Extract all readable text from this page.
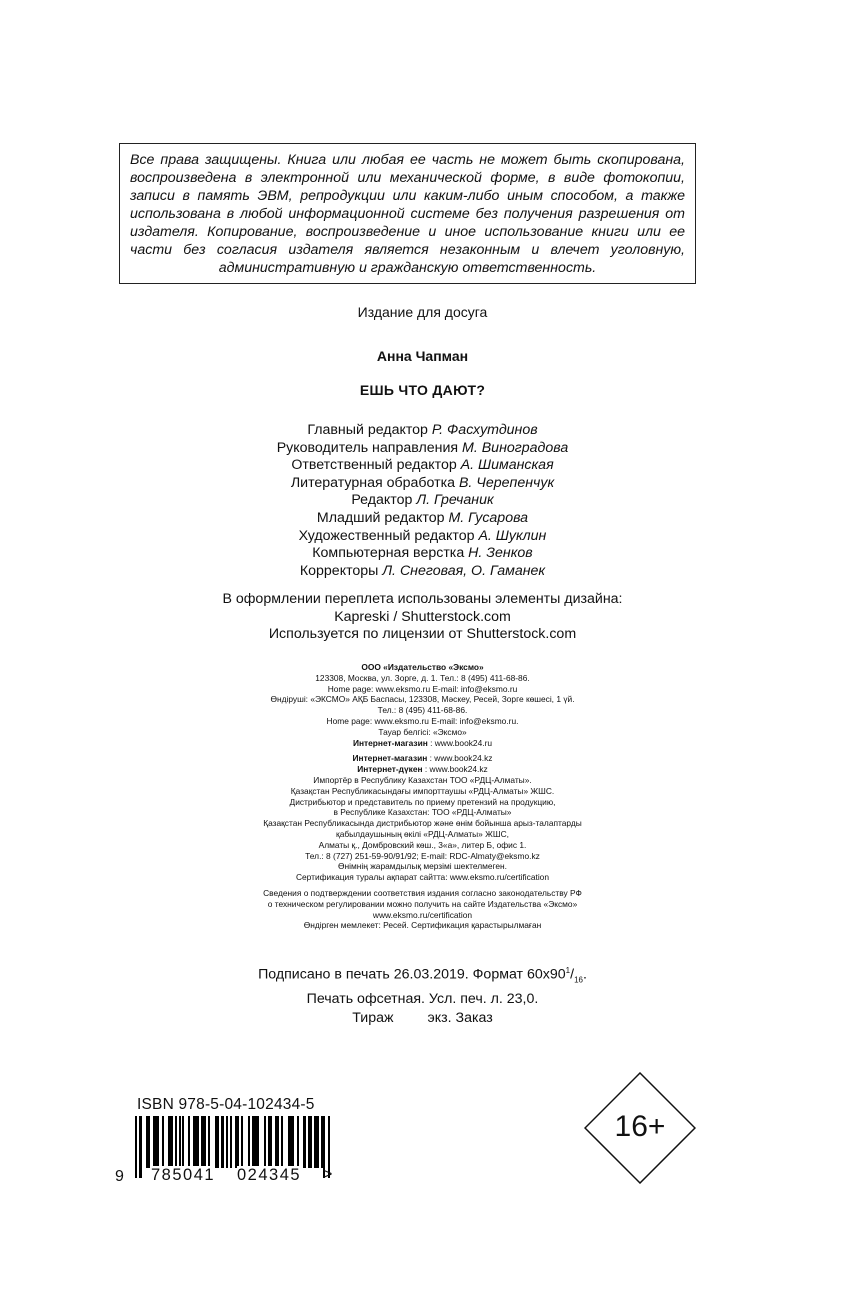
Все права защищены. Книга или любая ее часть не может быть скопирована, воспроизведена в электронной или механической форме, в виде фотокопии, записи в память ЭВМ, репродукции или каким-либо иным способом, а также использована в любой информационной системе без получения разрешения от издателя. Копирование, воспроизведение и иное использование книги или ее части без согласия издателя является незаконным и влечет уголовную, административную и гражданскую ответственность.
Издание для досуга
Анна Чапман
ЕШЬ ЧТО ДАЮТ?
Главный редактор Р. Фасхутдинов
Руководитель направления М. Виноградова
Ответственный редактор А. Шиманская
Литературная обработка В. Черепенчук
Редактор Л. Гречаник
Младший редактор М. Гусарова
Художественный редактор А. Шуклин
Компьютерная верстка Н. Зенков
Корректоры Л. Снеговая, О. Гаманек
В оформлении переплета использованы элементы дизайна:
Kapreski / Shutterstock.com
Используется по лицензии от Shutterstock.com
ООО «Издательство «Эксмо»
123308, Москва, ул. Зорге, д. 1. Тел.: 8 (495) 411-68-86.
Home page: www.eksmo.ru E-mail: info@eksmo.ru
Өндіруші: «ЭКСМО» АҚБ Баспасы, 123308, Мәскеу, Ресей, Зорге көшесі, 1 үй.
Тел.: 8 (495) 411-68-86.
Home page: www.eksmo.ru E-mail: info@eksmo.ru.
Тауар белгісі: «Эксмо»
Интернет-магазин : www.book24.ru
Интернет-магазин : www.book24.kz
Интернет-дүкен : www.book24.kz
Импортёр в Республику Казахстан ТОО «РДЦ-Алматы».
Қазақстан Республикасындағы импорттаушы «РДЦ-Алматы» ЖШС.
Дистрибьютор и представитель по приему претензий на продукцию,
в Республике Казахстан: ТОО «РДЦ-Алматы»
Қазақстан Республикасында дистрибьютор және өнім бойынша арыз-талаптарды
қабылдаушының өкілі «РДЦ-Алматы» ЖШС,
Алматы қ., Домбровский көш., 3«а», литер Б, офис 1.
Тел.: 8 (727) 251-59-90/91/92; E-mail: RDC-Almaty@eksmo.kz
Өнімнің жарамдылық мерзімі шектелмеген.
Сертификация туралы ақпарат сайтта: www.eksmo.ru/certification
Сведения о подтверждении соответствия издания согласно законодательству РФ
о техническом регулировании можно получить на сайте Издательства «Эксмо»
www.eksmo.ru/certification
Өндірген мемлекет: Ресей. Сертификация қарастырылмаған
Подписано в печать 26.03.2019. Формат $60x90^1/_{16}$.
Печать офсетная. Усл. печ. л. 23,0.
Тираж экз. Заказ
ISBN 978-5-04-102434-5
9 785041 024345 >
16+
